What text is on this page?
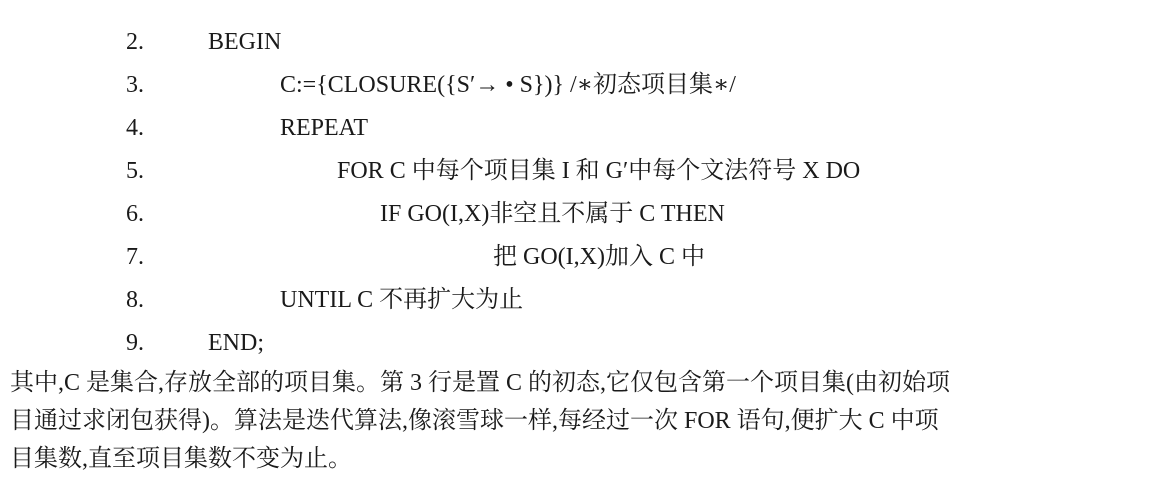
2.	BEGIN
3.	C:={CLOSURE({S′→ • S})} /∗初态项目集∗/
4.	REPEAT
5.	FOR C 中每个项目集 I 和 G′中每个文法符号 X DO
6.	IF GO(I,X)非空且不属于 C THEN
7.	把 GO(I,X)加入 C 中
8.	UNTIL C 不再扩大为止
9.	END;
其中,C 是集合,存放全部的项目集。第 3 行是置 C 的初态,它仅包含第一个项目集(由初始项
目通过求闭包获得)。算法是迭代算法,像滚雪球一样,每经过一次 FOR 语句,便扩大 C 中项
目集数,直至项目集数不变为止。
